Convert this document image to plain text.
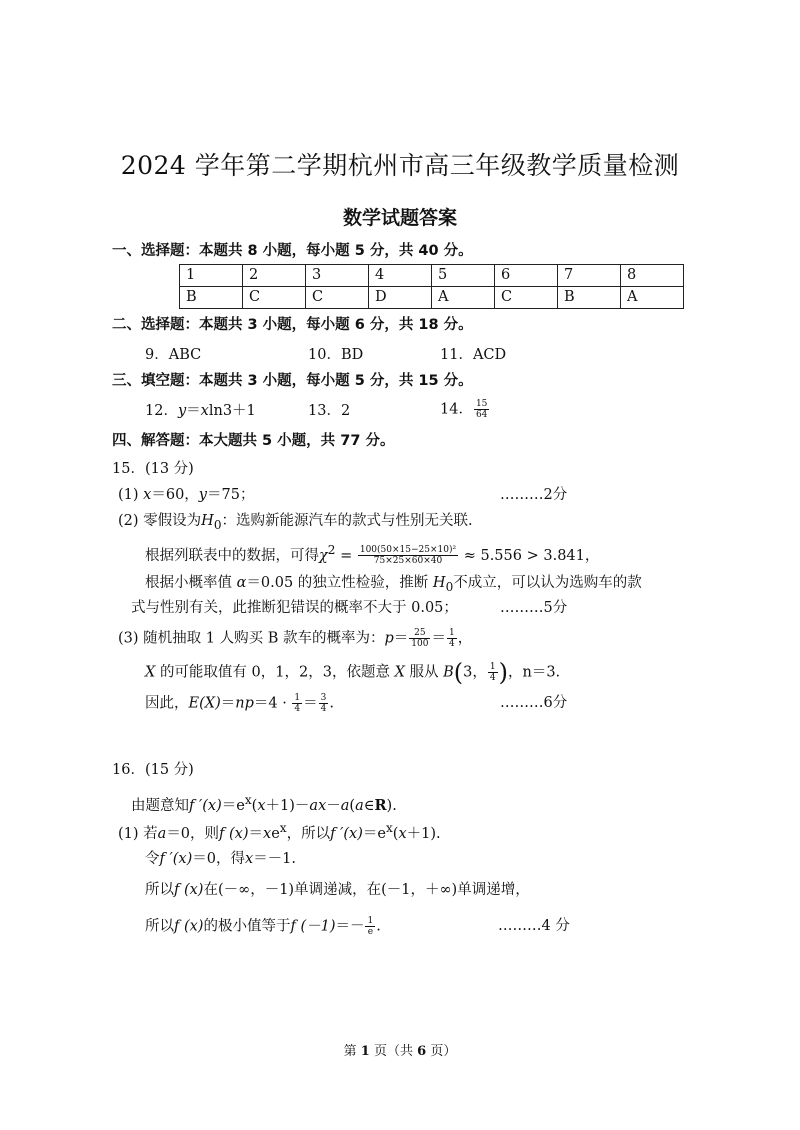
2024 学年第二学期杭州市高三年级教学质量检测
数学试题答案
一、选择题：本题共 8 小题，每小题 5 分，共 40 分。
1	2	3	4	5	6	7	8
B	C	C	D	A	C	B	A
二、选择题：本题共 3 小题，每小题 6 分，共 18 分。
9．ABC	10．BD	11．ACD
三、填空题：本题共 3 小题，每小题 5 分，共 15 分。
12．y＝xln3＋1	13．2	14． $\frac{15}{64}$
四、解答题：本大题共 5 小题，共 77 分。
15．(13 分)
(1) x＝60，y＝75；	………2分
(2) 零假设为$H_0$：选购新能源汽车的款式与性别无关联.
根据列联表中的数据，可得$\chi^2 = \frac{\text{100(50×15−25×10)²}}{75\times 25\times 60\times 40} \approx 5.556 > 3.841$，
根据小概率值 α＝0.05 的独立性检验，推断 $H_0$不成立，可以认为选购车的款
式与性别有关，此推断犯错误的概率不大于 0.05；	………5分
(3) 随机抽取 1 人购买 B 款车的概率为：$p= \frac{25}{100} = \frac{1}{4}$ ，
X 的可能取值有 0，1，2，3，依题意 X 服从 B(3， $\frac{1}{4}$ )，n＝3.
因此，$E(X)=np=4 \cdot \frac{1}{4} = \frac{3}{4}$ .	………6分
16．(15 分)
由题意知f $'(x)=e^x(x+1)-ax-a(a\in R)$.
(1) 若a＝0，则f $(x)=xe^x$，所以f $'(x)=e^x(x+1)$.
令f ′(x)＝0，得x＝－1.
所以f (x)在(－∞，－1)单调递减，在(－1，＋∞)单调递增，
所以f (x)的极小值等于f $(-1)=- \frac{1}{e}$ .	………4 分
第 1 页（共 6 页）
